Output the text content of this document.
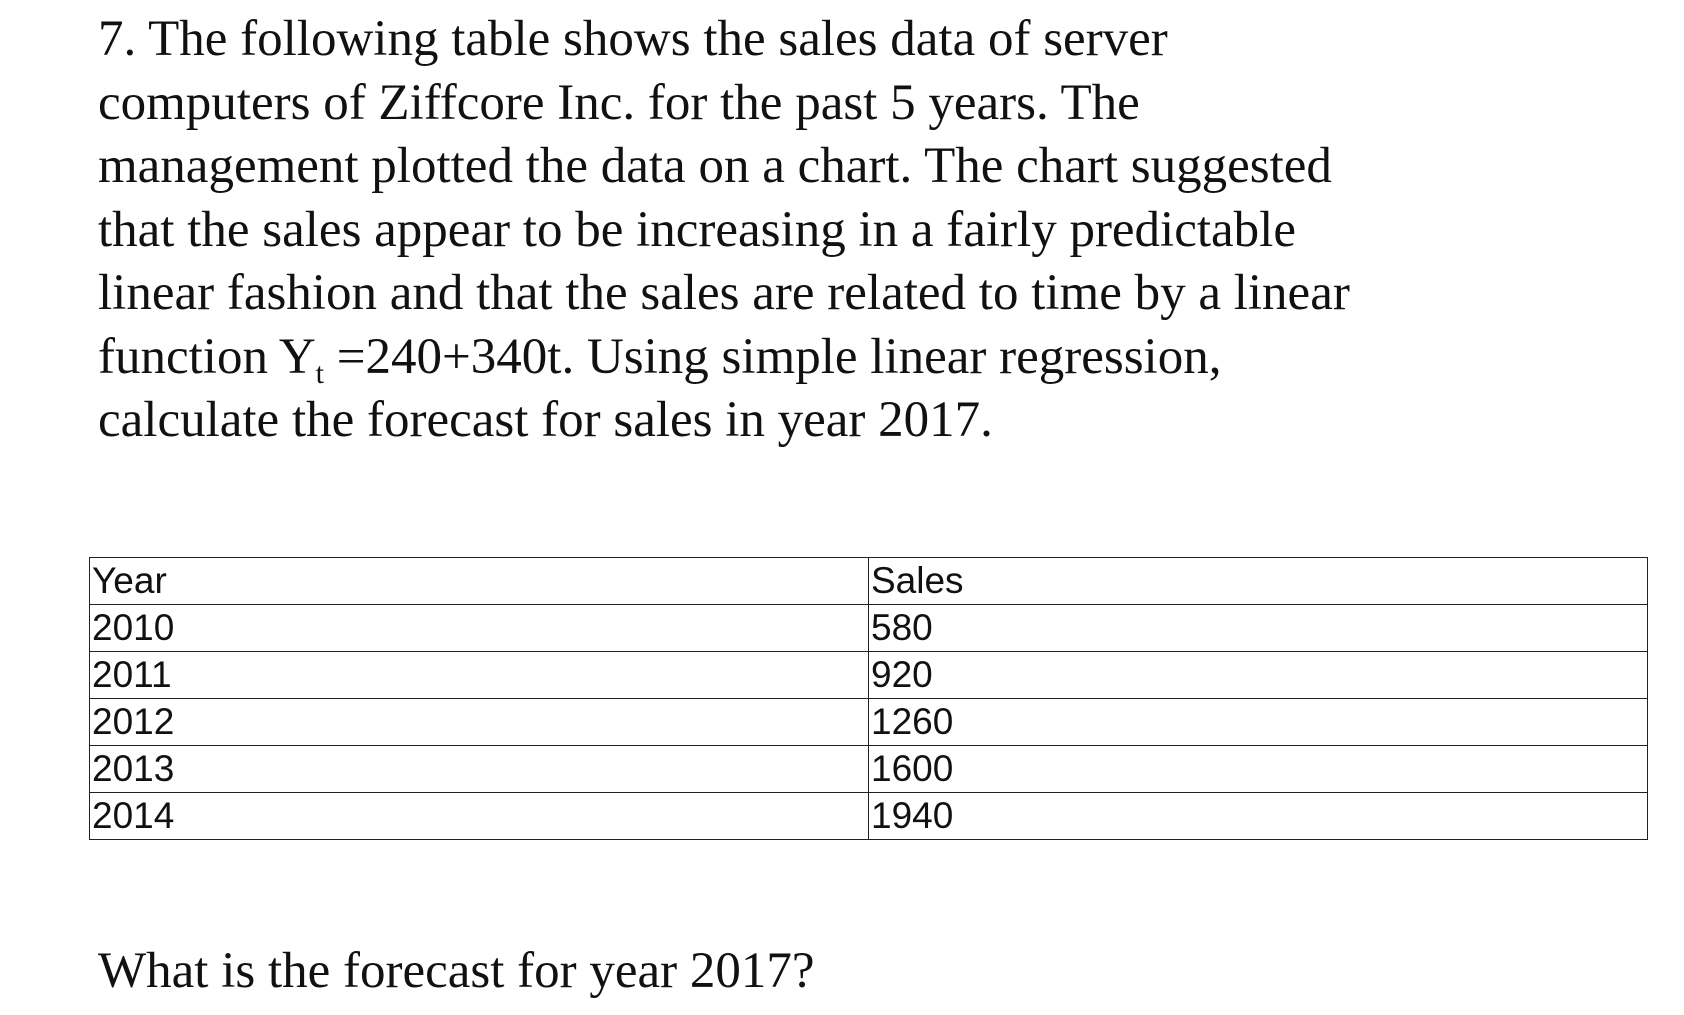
7. The following table shows the sales data of server computers of Ziffcore Inc. for the past 5 years. The management plotted the data on a chart. The chart suggested that the sales appear to be increasing in a fairly predictable linear fashion and that the sales are related to time by a linear function $Y_t =240+340t$. Using simple linear regression, calculate the forecast for sales in year 2017.

Year	Sales
2010	580
2011	920
2012	1260
2013	1600
2014	1940

What is the forecast for year 2017?
